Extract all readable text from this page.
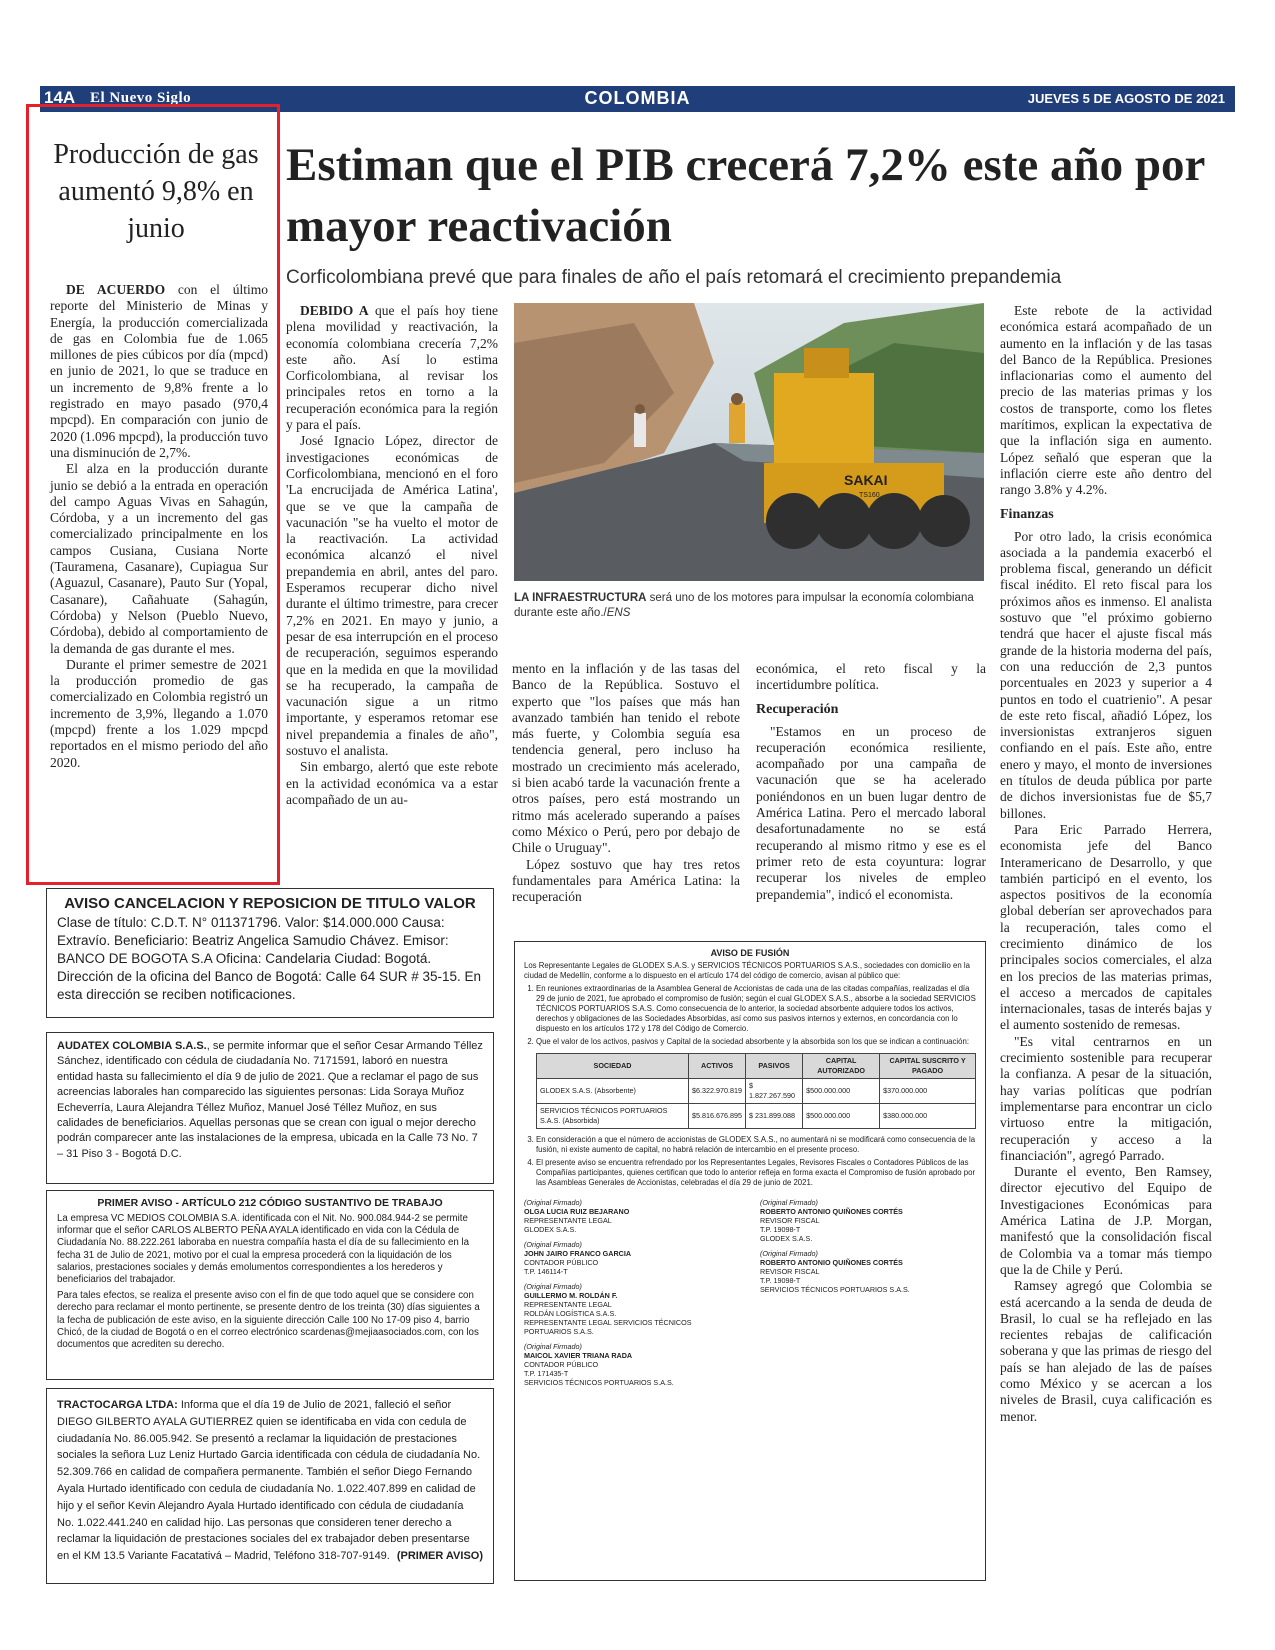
14A El Nuevo Siglo	COLOMBIA	JUEVES 5 DE AGOSTO DE 2021
Producción de gas aumentó 9,8% en junio

DE ACUERDO con el último reporte del Ministerio de Minas y Energía, la producción comercializada de gas en Colombia fue de 1.065 millones de pies cúbicos por día (mpcd) en junio de 2021, lo que se traduce en un incremento de 9,8% frente a lo registrado en mayo pasado (970,4 mpcpd). En comparación con junio de 2020 (1.096 mpcpd), la producción tuvo una disminución de 2,7%.

El alza en la producción durante junio se debió a la entrada en operación del campo Aguas Vivas en Sahagún, Córdoba, y a un incremento del gas comercializado principalmente en los campos Cusiana, Cusiana Norte (Tauramena, Casanare), Cupiagua Sur (Aguazul, Casanare), Pauto Sur (Yopal, Casanare), Cañahuate (Sahagún, Córdoba) y Nelson (Pueblo Nuevo, Córdoba), debido al comportamiento de la demanda de gas durante el mes.

Durante el primer semestre de 2021 la producción promedio de gas comercializado en Colombia registró un incremento de 3,9%, llegando a 1.070 (mpcpd) frente a los 1.029 mpcpd reportados en el mismo periodo del año 2020.

Estiman que el PIB crecerá 7,2% este año por mayor reactivación
Corficolombiana prevé que para finales de año el país retomará el crecimiento prepandemia

DEBIDO A que el país hoy tiene plena movilidad y reactivación, la economía colombiana crecería 7,2% este año. Así lo estima Corficolombiana, al revisar los principales retos en torno a la recuperación económica para la región y para el país.

José Ignacio López, director de investigaciones económicas de Corficolombiana, mencionó en el foro 'La encrucijada de América Latina', que se ve que la campaña de vacunación "se ha vuelto el motor de la reactivación. La actividad económica alcanzó el nivel prepandemia en abril, antes del paro. Esperamos recuperar dicho nivel durante el último trimestre, para crecer 7,2% en 2021. En mayo y junio, a pesar de esa interrupción en el proceso de recuperación, seguimos esperando que en la medida en que la movilidad se ha recuperado, la campaña de vacunación sigue a un ritmo importante, y esperamos retomar ese nivel prepandemia a finales de año", sostuvo el analista.

Sin embargo, alertó que este rebote en la actividad económica va a estar acompañado de un au-

SAKAI
TS160
LA INFRAESTRUCTURA será uno de los motores para impulsar la economía colombiana durante este año./ENS

mento en la inflación y de las tasas del Banco de la República. Sostuvo el experto que "los países que más han avanzado también han tenido el rebote más fuerte, y Colombia seguía esa tendencia general, pero incluso ha mostrado un crecimiento más acelerado, si bien acabó tarde la vacunación frente a otros países, pero está mostrando un ritmo más acelerado superando a países como México o Perú, pero por debajo de Chile o Uruguay".

López sostuvo que hay tres retos fundamentales para América Latina: la recuperación

económica, el reto fiscal y la incertidumbre política.

Recuperación

"Estamos en un proceso de recuperación económica resiliente, acompañado por una campaña de vacunación que se ha acelerado poniéndonos en un buen lugar dentro de América Latina. Pero el mercado laboral desafortunadamente no se está recuperando al mismo ritmo y ese es el primer reto de esta coyuntura: lograr recuperar los niveles de empleo prepandemia", indicó el economista.

Este rebote de la actividad económica estará acompañado de un aumento en la inflación y de las tasas del Banco de la República. Presiones inflacionarias como el aumento del precio de las materias primas y los costos de transporte, como los fletes marítimos, explican la expectativa de que la inflación siga en aumento. López señaló que esperan que la inflación cierre este año dentro del rango 3.8% y 4.2%.

Finanzas

Por otro lado, la crisis económica asociada a la pandemia exacerbó el problema fiscal, generando un déficit fiscal inédito. El reto fiscal para los próximos años es inmenso. El analista sostuvo que "el próximo gobierno tendrá que hacer el ajuste fiscal más grande de la historia moderna del país, con una reducción de 2,3 puntos porcentuales en 2023 y superior a 4 puntos en todo el cuatrienio". A pesar de este reto fiscal, añadió López, los inversionistas extranjeros siguen confiando en el país. Este año, entre enero y mayo, el monto de inversiones en títulos de deuda pública por parte de dichos inversionistas fue de $5,7 billones.

Para Eric Parrado Herrera, economista jefe del Banco Interamericano de Desarrollo, y que también participó en el evento, los aspectos positivos de la economía global deberían ser aprovechados para la recuperación, tales como el crecimiento dinámico de los principales socios comerciales, el alza en los precios de las materias primas, el acceso a mercados de capitales internacionales, tasas de interés bajas y el aumento sostenido de remesas.

"Es vital centrarnos en un crecimiento sostenible para recuperar la confianza. A pesar de la situación, hay varias políticas que podrían implementarse para encontrar un ciclo virtuoso entre la mitigación, recuperación y acceso a la financiación", agregó Parrado.

Durante el evento, Ben Ramsey, director ejecutivo del Equipo de Investigaciones Económicas para América Latina de J.P. Morgan, manifestó que la consolidación fiscal de Colombia va a tomar más tiempo que la de Chile y Perú.

Ramsey agregó que Colombia se está acercando a la senda de deuda de Brasil, lo cual se ha reflejado en las recientes rebajas de calificación soberana y que las primas de riesgo del país se han alejado de las de países como México y se acercan a los niveles de Brasil, cuya calificación es menor.

AVISO CANCELACION Y REPOSICION DE TITULO VALOR
Clase de título: C.D.T. N° 011371796. Valor: $14.000.000 Causa: Extravío. Beneficiario: Beatriz Angelica Samudio Chávez. Emisor: BANCO DE BOGOTA S.A Oficina: Candelaria Ciudad: Bogotá. Dirección de la oficina del Banco de Bogotá: Calle 64 SUR # 35-15. En esta dirección se reciben notificaciones.
AUDATEX COLOMBIA S.A.S., se permite informar que el señor Cesar Armando Téllez Sánchez, identificado con cédula de ciudadanía No. 7171591, laboró en nuestra entidad hasta su fallecimiento el día 9 de julio de 2021. Que a reclamar el pago de sus acreencias laborales han comparecido las siguientes personas: Lida Soraya Muñoz Echeverría, Laura Alejandra Téllez Muñoz, Manuel José Téllez Muñoz, en sus calidades de beneficiarios. Aquellas personas que se crean con igual o mejor derecho podrán comparecer ante las instalaciones de la empresa, ubicada en la Calle 73 No. 7 – 31 Piso 3 - Bogotá D.C.
PRIMER AVISO - ARTÍCULO 212 CÓDIGO SUSTANTIVO DE TRABAJO

La empresa VC MEDIOS COLOMBIA S.A. identificada con el Nit. No. 900.084.944-2 se permite informar que el señor CARLOS ALBERTO PEÑA AYALA identificado en vida con la Cédula de Ciudadanía No. 88.222.261 laboraba en nuestra compañía hasta el día de su fallecimiento en la fecha 31 de Julio de 2021, motivo por el cual la empresa procederá con la liquidación de los salarios, prestaciones sociales y demás emolumentos correspondientes a los herederos y beneficiarios del trabajador.

Para tales efectos, se realiza el presente aviso con el fin de que todo aquel que se considere con derecho para reclamar el monto pertinente, se presente dentro de los treinta (30) días siguientes a la fecha de publicación de este aviso, en la siguiente dirección Calle 100 No 17-09 piso 4, barrio Chicó, de la ciudad de Bogotá o en el correo electrónico scardenas@mejiaasociados.com, con los documentos que acrediten su derecho.

TRACTOCARGA LTDA: Informa que el día 19 de Julio de 2021, falleció el señor DIEGO GILBERTO AYALA GUTIERREZ quien se identificaba en vida con cedula de ciudadanía No. 86.005.942. Se presentó a reclamar la liquidación de prestaciones sociales la señora Luz Leniz Hurtado Garcia identificada con cédula de ciudadanía No. 52.309.766 en calidad de compañera permanente. También el señor Diego Fernando Ayala Hurtado identificado con cedula de ciudadanía No. 1.022.407.899 en calidad de hijo y el señor Kevin Alejandro Ayala Hurtado identificado con cédula de ciudadanía No. 1.022.441.240 en calidad hijo. Las personas que consideren tener derecho a reclamar la liquidación de prestaciones sociales del ex trabajador deben presentarse en el KM 13.5 Variante Facatativá – Madrid, Teléfono 318-707-9149. (PRIMER AVISO)
AVISO DE FUSIÓN

Los Representante Legales de GLODEX S.A.S. y SERVICIOS TÉCNICOS PORTUARIOS S.A.S., sociedades con domicilio en la ciudad de Medellín, conforme a lo dispuesto en el artículo 174 del código de comercio, avisan al público que:

1. En reuniones extraordinarias de la Asamblea General de Accionistas de cada una de las citadas compañías, realizadas el día 29 de junio de 2021, fue aprobado el compromiso de fusión; según el cual GLODEX S.A.S., absorbe a la sociedad SERVICIOS TÉCNICOS PORTUARIOS S.A.S. Como consecuencia de lo anterior, la sociedad absorbente adquiere todos los activos, derechos y obligaciones de las Sociedades Absorbidas, así como sus pasivos internos y externos, en concordancia con lo dispuesto en los artículos 172 y 178 del Código de Comercio.
2. Que el valor de los activos, pasivos y Capital de la sociedad absorbente y la absorbida son los que se indican a continuación:
SOCIEDAD	ACTIVOS	PASIVOS	CAPITAL AUTORIZADO	CAPITAL SUSCRITO Y PAGADO
GLODEX S.A.S. (Absorbente)	$6.322.970.819	$ 1.827.267.590	$500.000.000	$370.000.000
SERVICIOS TÉCNICOS PORTUARIOS S.A.S. (Absorbida)	$5.816.676.895	$ 231.899.088	$500.000.000	$380.000.000
3. En consideración a que el número de accionistas de GLODEX S.A.S., no aumentará ni se modificará como consecuencia de la fusión, ni existe aumento de capital, no habrá relación de intercambio en el presente proceso.
4. El presente aviso se encuentra refrendado por los Representantes Legales, Revisores Fiscales o Contadores Públicos de las Compañías participantes, quienes certifican que todo lo anterior refleja en forma exacta el Compromiso de fusión aprobado por las Asambleas Generales de Accionistas, celebradas el día 29 de junio de 2021.
(Original Firmado)
OLGA LUCIA RUIZ BEJARANO
REPRESENTANTE LEGAL
GLODEX S.A.S.
(Original Firmado)
JOHN JAIRO FRANCO GARCIA
CONTADOR PÚBLICO
T.P. 146114-T
(Original Firmado)
GUILLERMO M. ROLDÁN F.
REPRESENTANTE LEGAL
ROLDÁN LOGÍSTICA S.A.S.
REPRESENTANTE LEGAL SERVICIOS TÉCNICOS PORTUARIOS S.A.S.
(Original Firmado)
MAICOL XAVIER TRIANA RADA
CONTADOR PÚBLICO
T.P. 171435-T
SERVICIOS TÉCNICOS PORTUARIOS S.A.S.
(Original Firmado)
ROBERTO ANTONIO QUIÑONES CORTÉS
REVISOR FISCAL
T.P. 19098-T
GLODEX S.A.S.
(Original Firmado)
ROBERTO ANTONIO QUIÑONES CORTÉS
REVISOR FISCAL
T.P. 19098-T
SERVICIOS TÉCNICOS PORTUARIOS S.A.S.
